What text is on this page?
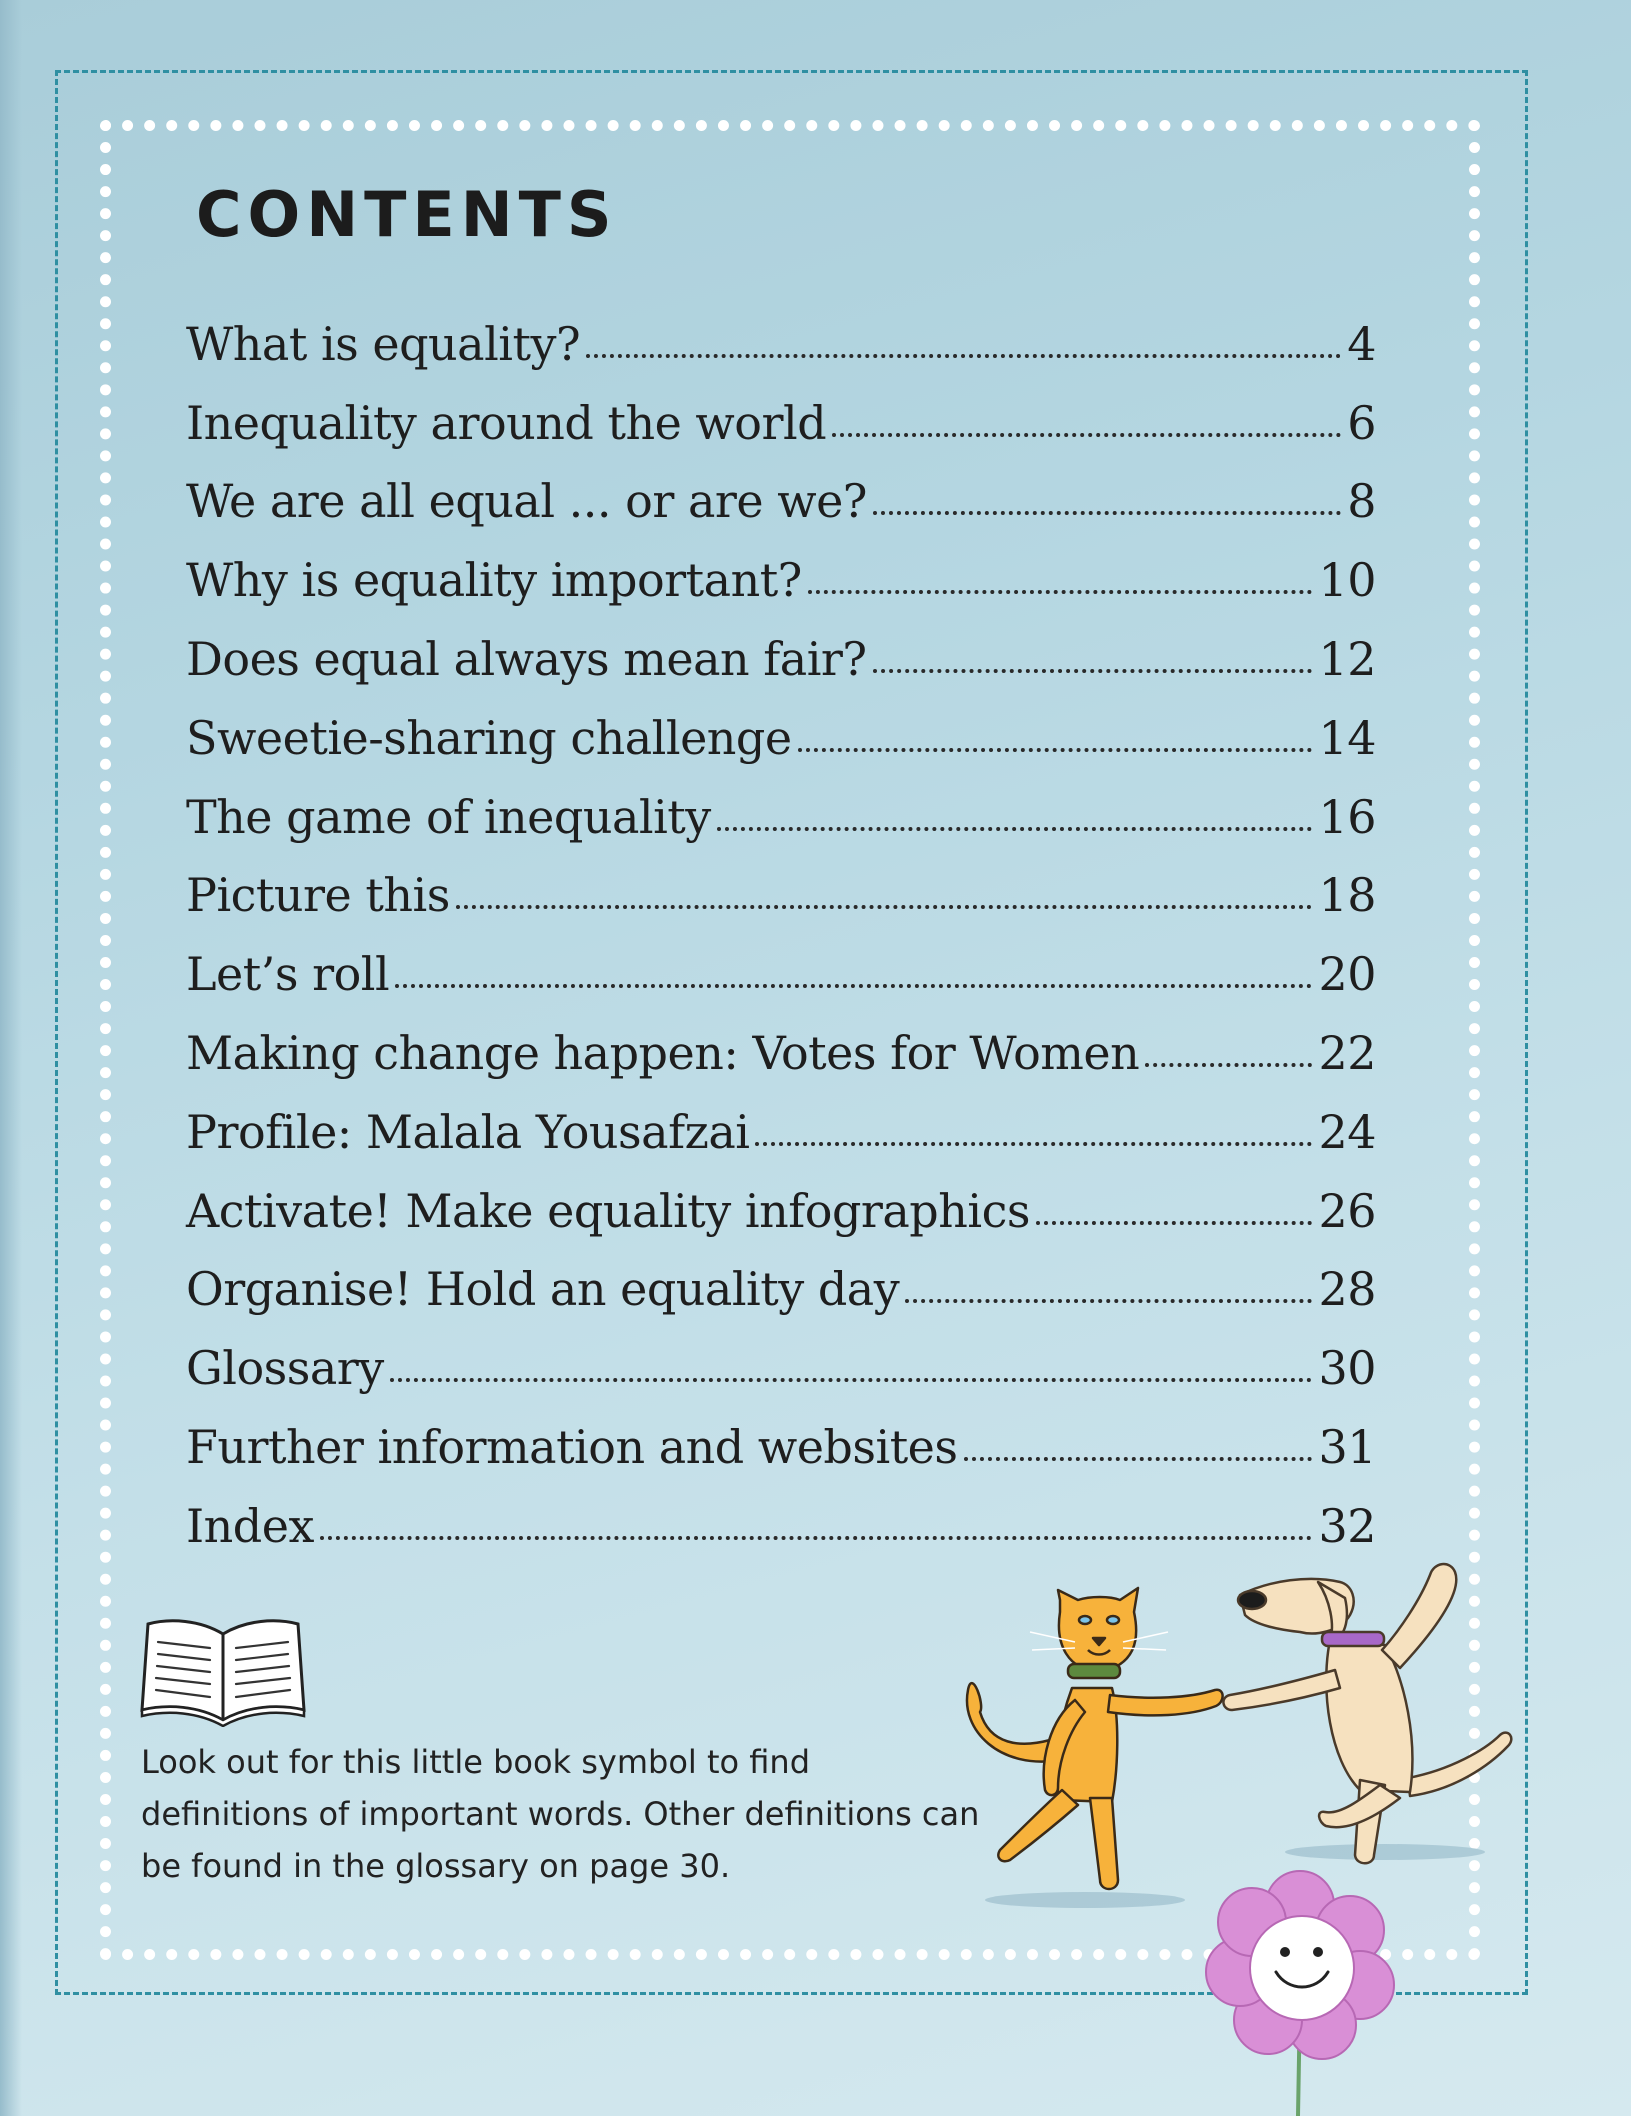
CONTENTS
What is equality?	4
Inequality around the world	6
We are all equal ... or are we?	8
Why is equality important?	10
Does equal always mean fair?	12
Sweetie-sharing challenge	14
The game of inequality	16
Picture this	18
Let’s roll	20
Making change happen: Votes for Women	22
Profile: Malala Yousafzai	24
Activate! Make equality infographics	26
Organise! Hold an equality day	28
Glossary	30
Further information and websites	31
Index	32

Look out for this little book symbol to find definitions of important words. Other definitions can be found in the glossary on page 30.
